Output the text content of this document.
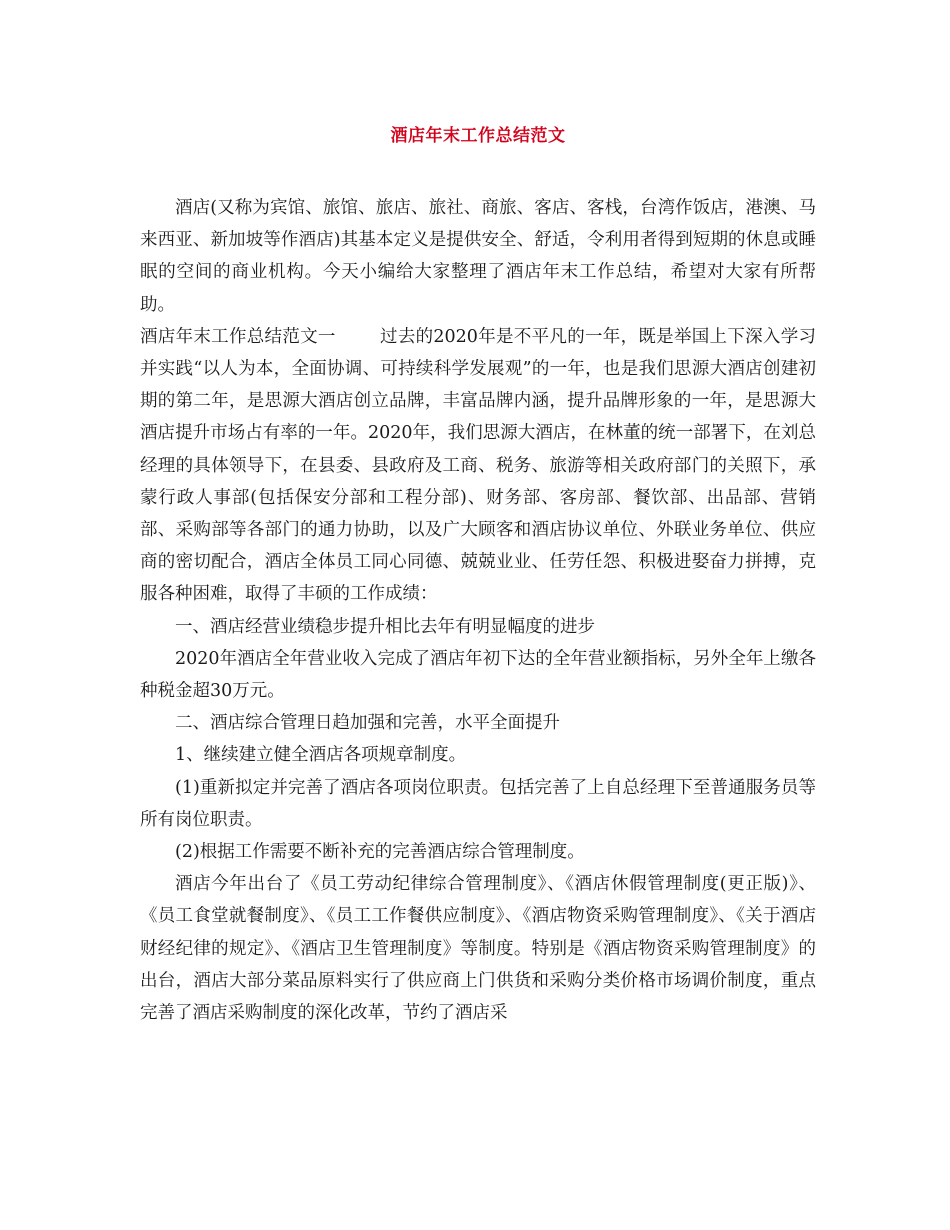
酒店年末工作总结范文

酒店(又称为宾馆、旅馆、旅店、旅社、商旅、客店、客栈，台湾作饭店，港澳、马来西亚、新加坡等作酒店)其基本定义是提供安全、舒适，令利用者得到短期的休息或睡眠的空间的商业机构。今天小编给大家整理了酒店年末工作总结，希望对大家有所帮助。

酒店年末工作总结范文一	过去的2020年是不平凡的一年，既是举国上下深入学习并实践“以人为本，全面协调、可持续科学发展观”的一年，也是我们思源大酒店创建初期的第二年，是思源大酒店创立品牌，丰富品牌内涵，提升品牌形象的一年，是思源大酒店提升市场占有率的一年。2020年，我们思源大酒店，在林董的统一部署下，在刘总经理的具体领导下，在县委、县政府及工商、税务、旅游等相关政府部门的关照下，承蒙行政人事部(包括保安分部和工程分部)、财务部、客房部、餐饮部、出品部、营销部、采购部等各部门的通力协助，以及广大顾客和酒店协议单位、外联业务单位、供应商的密切配合，酒店全体员工同心同德、兢兢业业、任劳任怨、积极进娶奋力拼搏，克服各种困难，取得了丰硕的工作成绩：

一、酒店经营业绩稳步提升相比去年有明显幅度的进步

2020年酒店全年营业收入完成了酒店年初下达的全年营业额指标，另外全年上缴各种税金超30万元。

二、酒店综合管理日趋加强和完善，水平全面提升

1、继续建立健全酒店各项规章制度。

(1)重新拟定并完善了酒店各项岗位职责。包括完善了上自总经理下至普通服务员等所有岗位职责。

(2)根据工作需要不断补充的完善酒店综合管理制度。

酒店今年出台了《员工劳动纪律综合管理制度》、《酒店休假管理制度(更正版)》、《员工食堂就餐制度》、《员工工作餐供应制度》、《酒店物资采购管理制度》、《关于酒店财经纪律的规定》、《酒店卫生管理制度》等制度。特别是《酒店物资采购管理制度》的出台，酒店大部分菜品原料实行了供应商上门供货和采购分类价格市场调价制度，重点完善了酒店采购制度的深化改革，节约了酒店采
